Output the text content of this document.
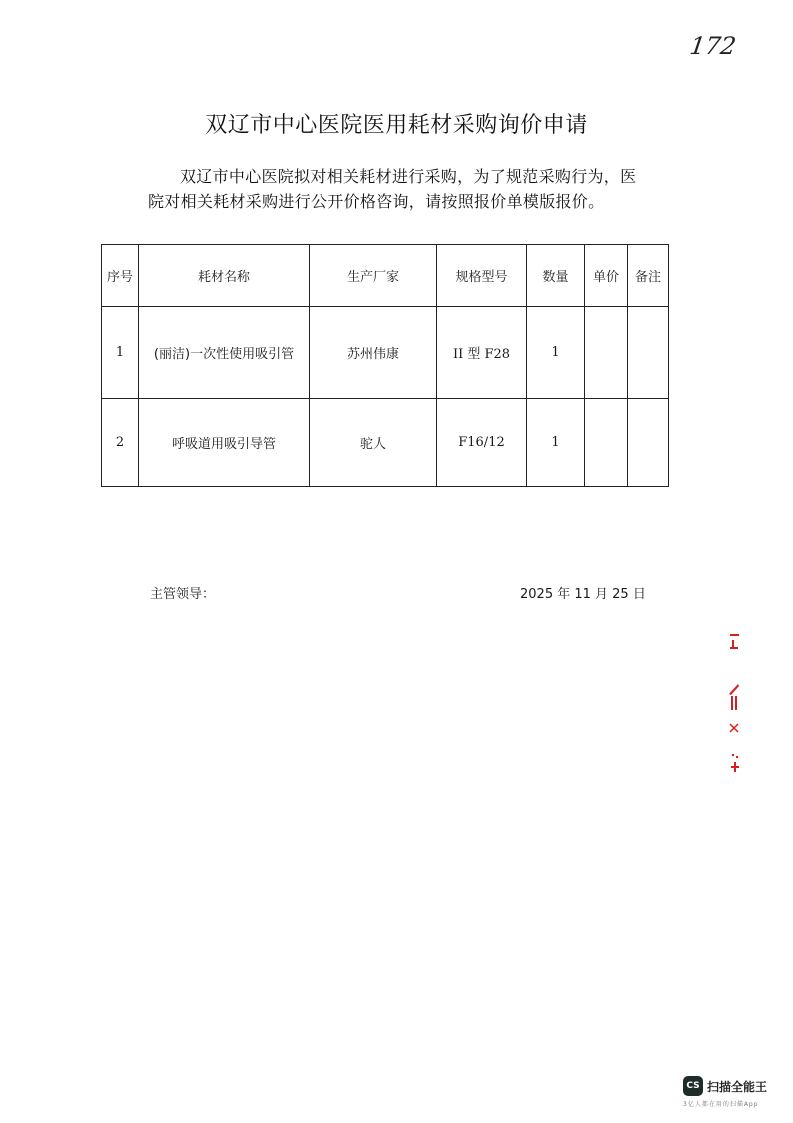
172
双辽市中心医院医用耗材采购询价申请
双辽市中心医院拟对相关耗材进行采购，为了规范采购行为，医院对相关耗材采购进行公开价格咨询，请按照报价单模版报价。
序号	耗材名称	生产厂家	规格型号	数量	单价	备注
1	(丽洁)一次性使用吸引管	苏州伟康	II 型 F28	1		
2	呼吸道用吸引导管	驼人	F16/12	1		
主管领导：	2025 年 11 月 25 日
CS 扫描全能王
3亿人都在用的扫描App
